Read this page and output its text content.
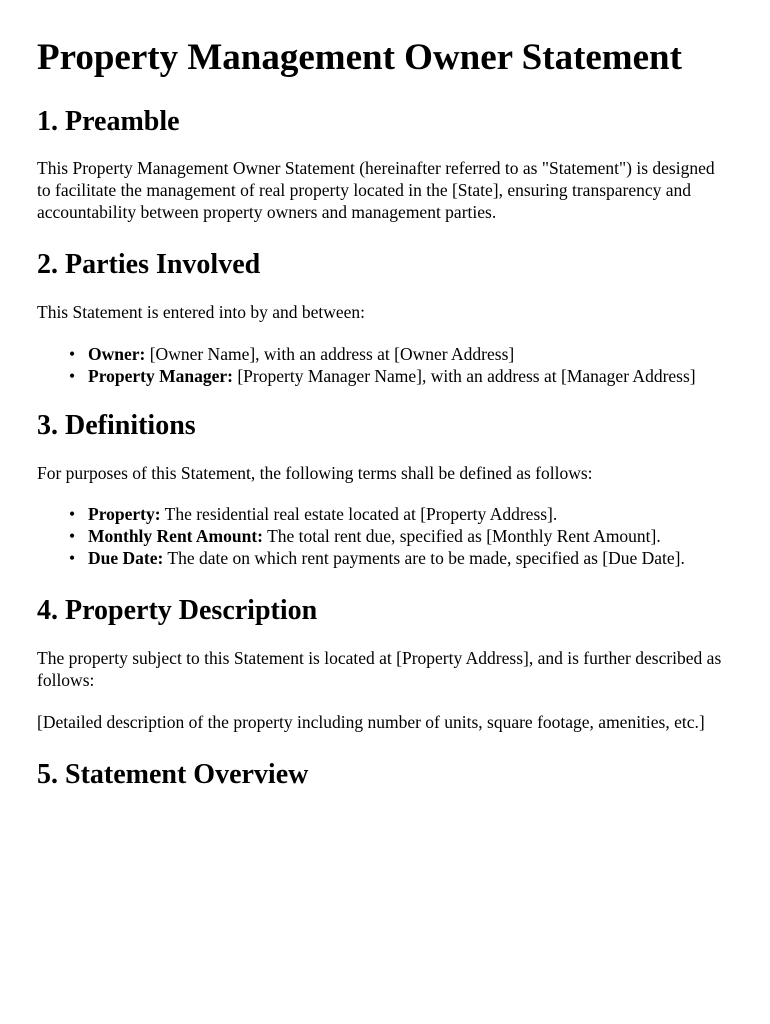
Property Management Owner Statement
1. Preamble

This Property Management Owner Statement (hereinafter referred to as "Statement") is designed to facilitate the management of real property located in the [State], ensuring transparency and accountability between property owners and management parties.

2. Parties Involved

This Statement is entered into by and between:

• Owner: [Owner Name], with an address at [Owner Address]
• Property Manager: [Property Manager Name], with an address at [Manager Address]
3. Definitions

For purposes of this Statement, the following terms shall be defined as follows:

• Property: The residential real estate located at [Property Address].
• Monthly Rent Amount: The total rent due, specified as [Monthly Rent Amount].
• Due Date: The date on which rent payments are to be made, specified as [Due Date].
4. Property Description

The property subject to this Statement is located at [Property Address], and is further described as follows:

[Detailed description of the property including number of units, square footage, amenities, etc.]

5. Statement Overview
